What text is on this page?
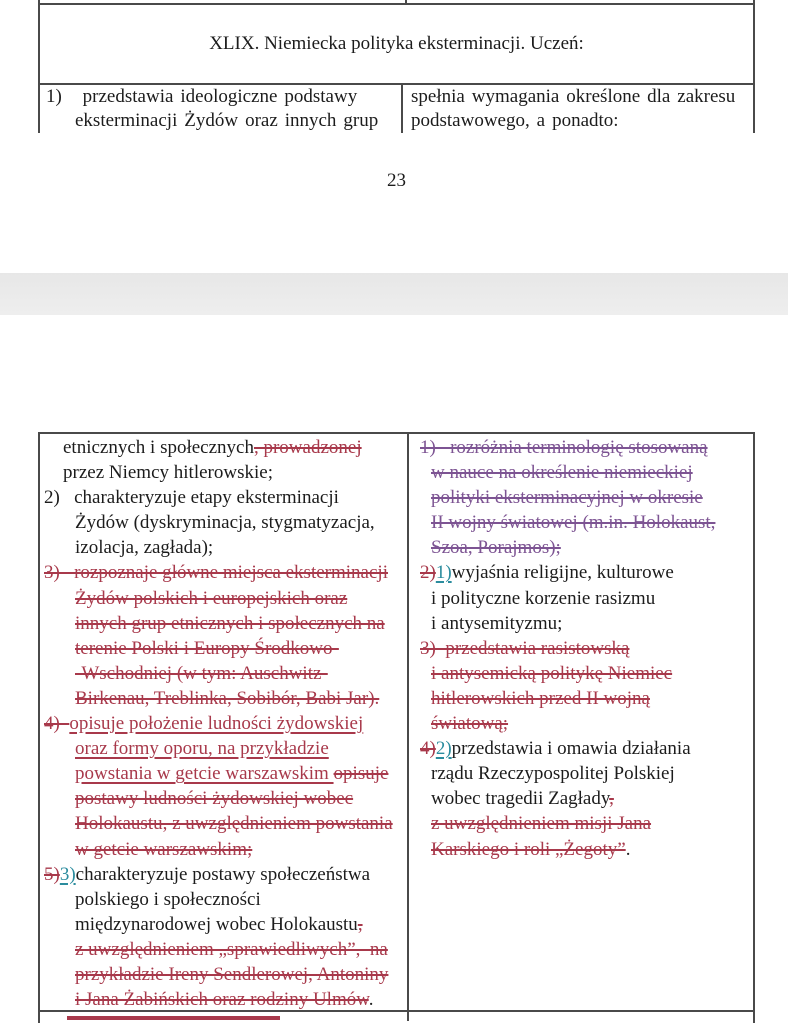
XLIX. Niemiecka polityka eksterminacji. Uczeń:
1)   przedstawia ideologiczne podstawy
eksterminacji Żydów oraz innych grup
spełnia wymagania określone dla zakresu
podstawowego, a ponadto:
23
etnicznych i społecznych, prowadzonej
przez Niemcy hitlerowskie;
2)   charakteryzuje etapy eksterminacji
Żydów (dyskryminacja, stygmatyzacja,
izolacja, zagłada);
3)   rozpoznaje główne miejsca eksterminacji
Żydów polskich i europejskich oraz
innych grup etnicznych i społecznych na
terenie Polski i Europy Środkowo-
-Wschodniej (w tym: Auschwitz-
Birkenau, Treblinka, Sobibór, Babi Jar).
4)  opisuje położenie ludności żydowskiej
oraz formy oporu, na przykładzie
powstania w getcie warszawskim opisuje
postawy ludności żydowskiej wobec
Holokaustu, z uwzględnieniem powstania
w getcie warszawskim;
5)3)charakteryzuje postawy społeczeństwa
polskiego i społeczności
międzynarodowej wobec Holokaustu,
z uwzględnieniem „sprawiedliwych”,  na
przykładzie Ireny Sendlerowej, Antoniny
i Jana Żabińskich oraz rodziny Ulmów.
1)   rozróżnia terminologię stosowaną
w nauce na określenie niemieckiej
polityki eksterminacyjnej w okresie
II wojny światowej (m.in. Holokaust,
Szoa, Porajmos);
2)1)wyjaśnia religijne, kulturowe
i polityczne korzenie rasizmu
i antysemityzmu;
3)  przedstawia rasistowską
i antysemicką politykę Niemiec
hitlerowskich przed II wojną
światową;
4)2)przedstawia i omawia działania
rządu Rzeczypospolitej Polskiej
wobec tragedii Zagłady,
z uwzględnieniem misji Jana
Karskiego i roli „Żegoty”.
